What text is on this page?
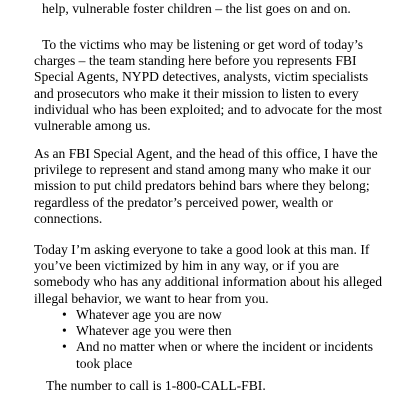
help, vulnerable foster children – the list goes on and on.

To the victims who may be listening or get word of today’s charges – the team standing here before you represents FBI Special Agents, NYPD detectives, analysts, victim specialists and prosecutors who make it their mission to listen to every individual who has been exploited; and to advocate for the most vulnerable among us.

As an FBI Special Agent, and the head of this office, I have the privilege to represent and stand among many who make it our mission to put child predators behind bars where they belong; regardless of the predator’s perceived power, wealth or connections.

Today I’m asking everyone to take a good look at this man. If you’ve been victimized by him in any way, or if you are somebody who has any additional information about his alleged illegal behavior, we want to hear from you.

• Whatever age you are now
• Whatever age you were then
• And no matter when or where the incident or incidents took place

The number to call is 1-800-CALL-FBI.
